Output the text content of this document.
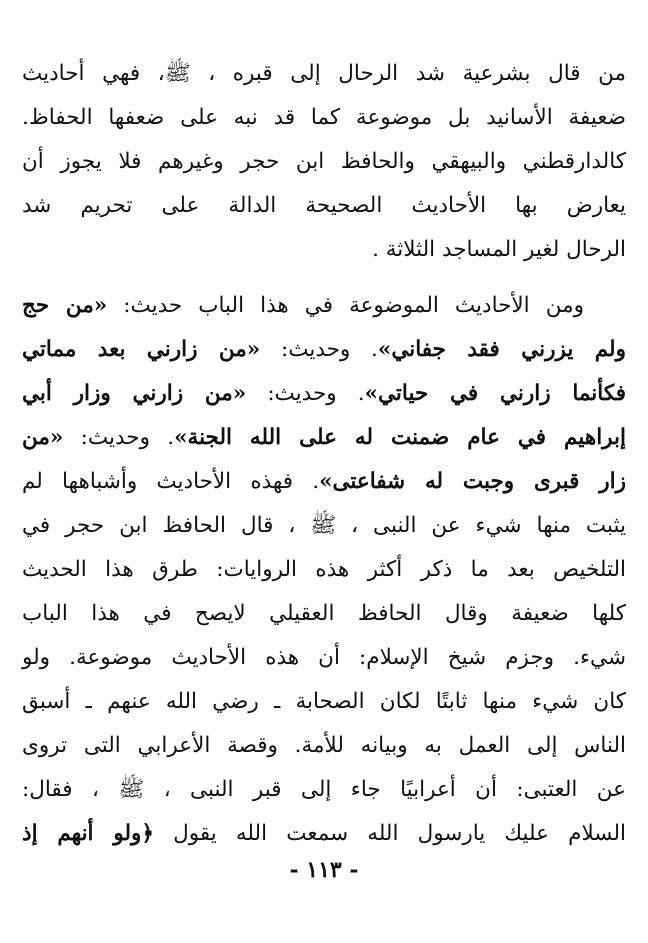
من قال بشرعية شد الرحال إلى قبره ، ﷺ، فهي أحاديث
ضعيفة الأسانيد بل موضوعة كما قد نبه على ضعفها الحفاظ.
كالدارقطني والبيهقي والحافظ ابن حجر وغيرهم فلا يجوز أن
يعارض بها الأحاديث الصحيحة الدالة على تحريم شد
الرحال لغير المساجد الثلاثة .
ومن الأحاديث الموضوعة في هذا الباب حديث: «من حج
ولم يزرني فقد جفاني». وحديث: «من زارني بعد مماتي
فكأنما زارني في حياتي». وحديث: «من زارني وزار أبي
إبراهيم في عام ضمنت له على الله الجنة». وحديث: «من
زار قبرى وجبت له شفاعتى». فهذه الأحاديث وأشباهها لم
يثبت منها شيء عن النبى ، ﷺ ، قال الحافظ ابن حجر في
التلخيص بعد ما ذكر أكثر هذه الروايات: طرق هذا الحديث
كلها ضعيفة وقال الحافظ العقيلي لايصح في هذا الباب
شيء. وجزم شيخ الإسلام: أن هذه الأحاديث موضوعة. ولو
كان شيء منها ثابتًا لكان الصحابة ـ رضي الله عنهم ـ أسبق
الناس إلى العمل به وبيانه للأمة. وقصة الأعرابي التى تروى
عن العتبى: أن أعرابيًا جاء إلى قبر النبى ، ﷺ ، فقال:
السلام عليك يارسول الله سمعت الله يقول ﴿ولو أنهم إذ
- ١١٣ -
